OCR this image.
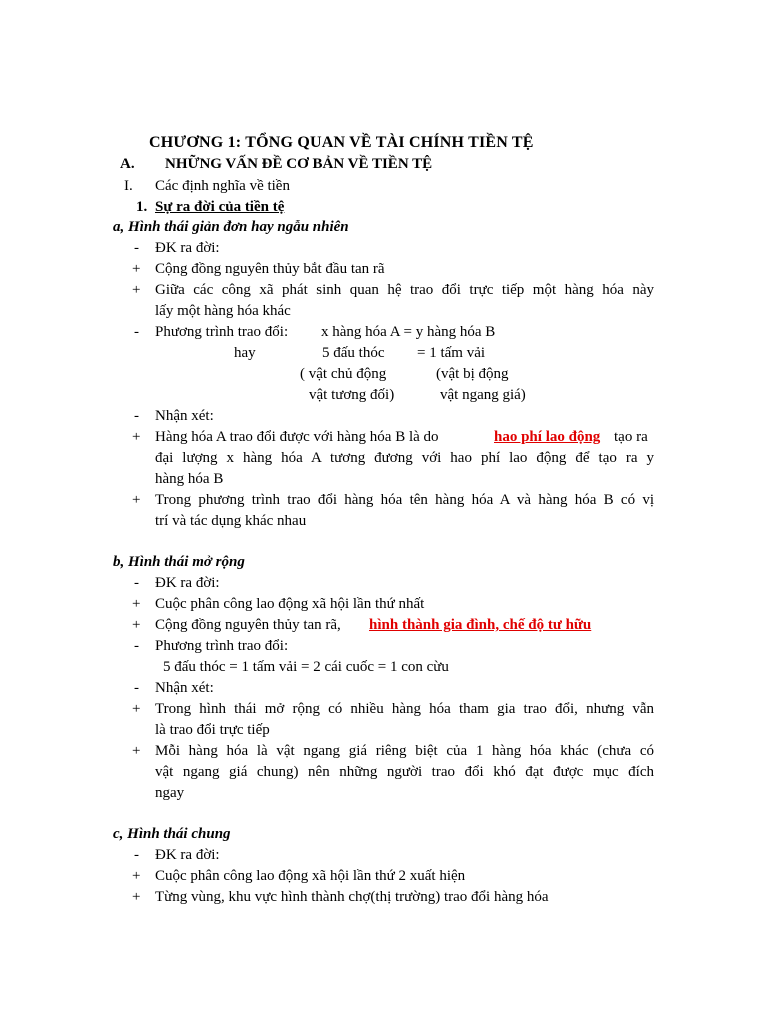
CHƯƠNG 1: TỔNG QUAN VỀ TÀI CHÍNH TIỀN TỆ
A. NHỮNG VẤN ĐỀ CƠ BẢN VỀ TIỀN TỆ
I. Các định nghĩa về tiền
1. Sự ra đời của tiền tệ
a, Hình thái giản đơn hay ngẫu nhiên
- ĐK ra đời:
+ Cộng đồng nguyên thủy bắt đầu tan rã
+ Giữa các công xã phát sinh quan hệ trao đổi trực tiếp một hàng hóa này
lấy một hàng hóa khác
- Phương trình trao đổi: x hàng hóa A = y hàng hóa B
hay	5 đấu thóc = 1 tấm vải
( vật chủ động	(vật bị động
vật tương đối)	vật ngang giá)
- Nhận xét:
+ Hàng hóa A trao đổi được với hàng hóa B là do	hao phí lao động tạo ra
đại lượng x hàng hóa A tương đương với hao phí lao động để tạo ra y
hàng hóa B
+ Trong phương trình trao đổi hàng hóa tên hàng hóa A và hàng hóa B có vị
trí và tác dụng khác nhau
b, Hình thái mở rộng
- ĐK ra đời:
+ Cuộc phân công lao động xã hội lần thứ nhất
+ Cộng đồng nguyên thủy tan rã, hình thành gia đình, chế độ tư hữu
- Phương trình trao đổi:
5 đấu thóc = 1 tấm vải = 2 cái cuốc = 1 con cừu
- Nhận xét:
+ Trong hình thái mở rộng có nhiều hàng hóa tham gia trao đổi, nhưng vẫn
là trao đổi trực tiếp
+ Mỗi hàng hóa là vật ngang giá riêng biệt của 1 hàng hóa khác (chưa có
vật ngang giá chung) nên những người trao đổi khó đạt được mục đích
ngay
c, Hình thái chung
- ĐK ra đời:
+ Cuộc phân công lao động xã hội lần thứ 2 xuất hiện
+ Từng vùng, khu vực hình thành chợ(thị trường) trao đổi hàng hóa
